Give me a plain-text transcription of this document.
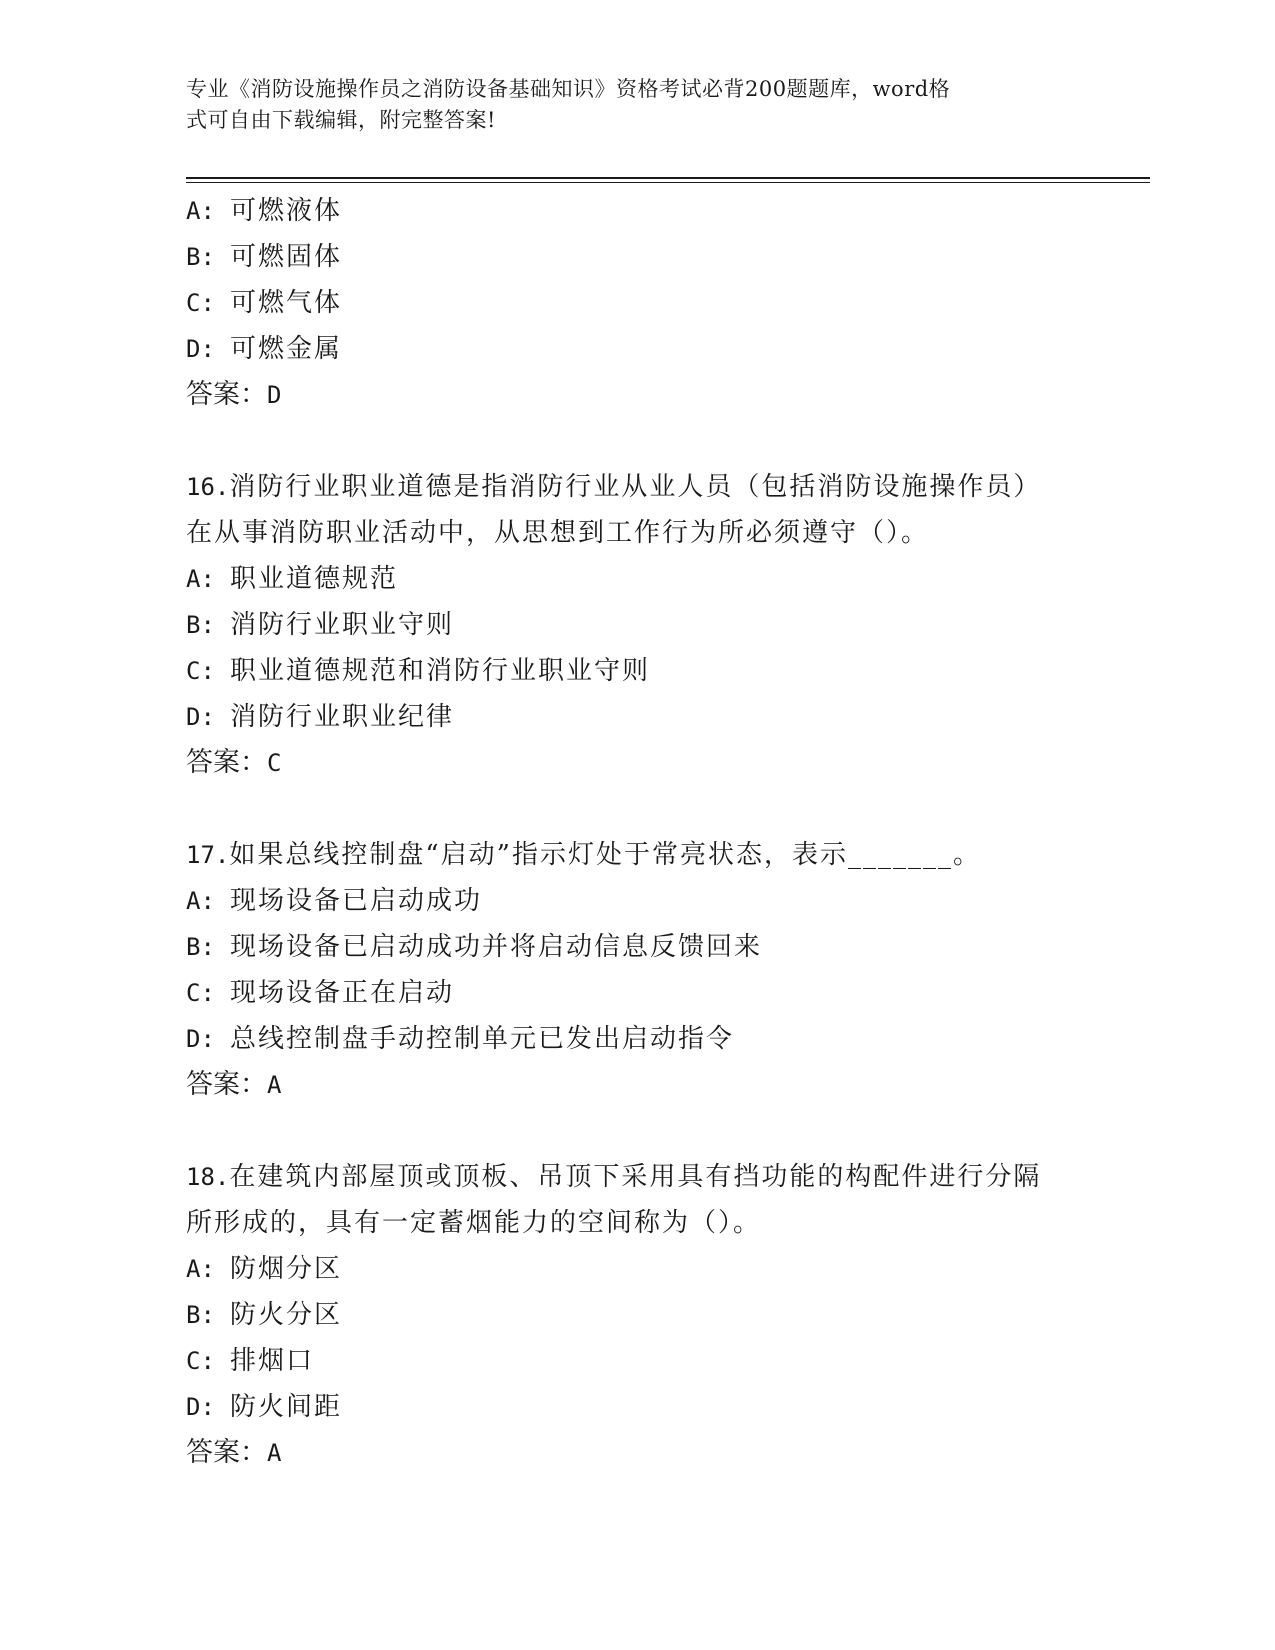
专业《消防设施操作员之消防设备基础知识》资格考试必背200题题库，word格
式可自由下载编辑，附完整答案!
A: 可燃液体
B: 可燃固体
C: 可燃气体
D: 可燃金属
答案：D
16.消防行业职业道德是指消防行业从业人员（包括消防设施操作员）
在从事消防职业活动中，从思想到工作行为所必须遵守（）。
A: 职业道德规范
B: 消防行业职业守则
C: 职业道德规范和消防行业职业守则
D: 消防行业职业纪律
答案：C
17.如果总线控制盘“启动”指示灯处于常亮状态，表示_______。
A: 现场设备已启动成功
B: 现场设备已启动成功并将启动信息反馈回来
C: 现场设备正在启动
D: 总线控制盘手动控制单元已发出启动指令
答案：A
18.在建筑内部屋顶或顶板、吊顶下采用具有挡功能的构配件进行分隔
所形成的，具有一定蓄烟能力的空间称为（）。
A: 防烟分区
B: 防火分区
C: 排烟口
D: 防火间距
答案：A
